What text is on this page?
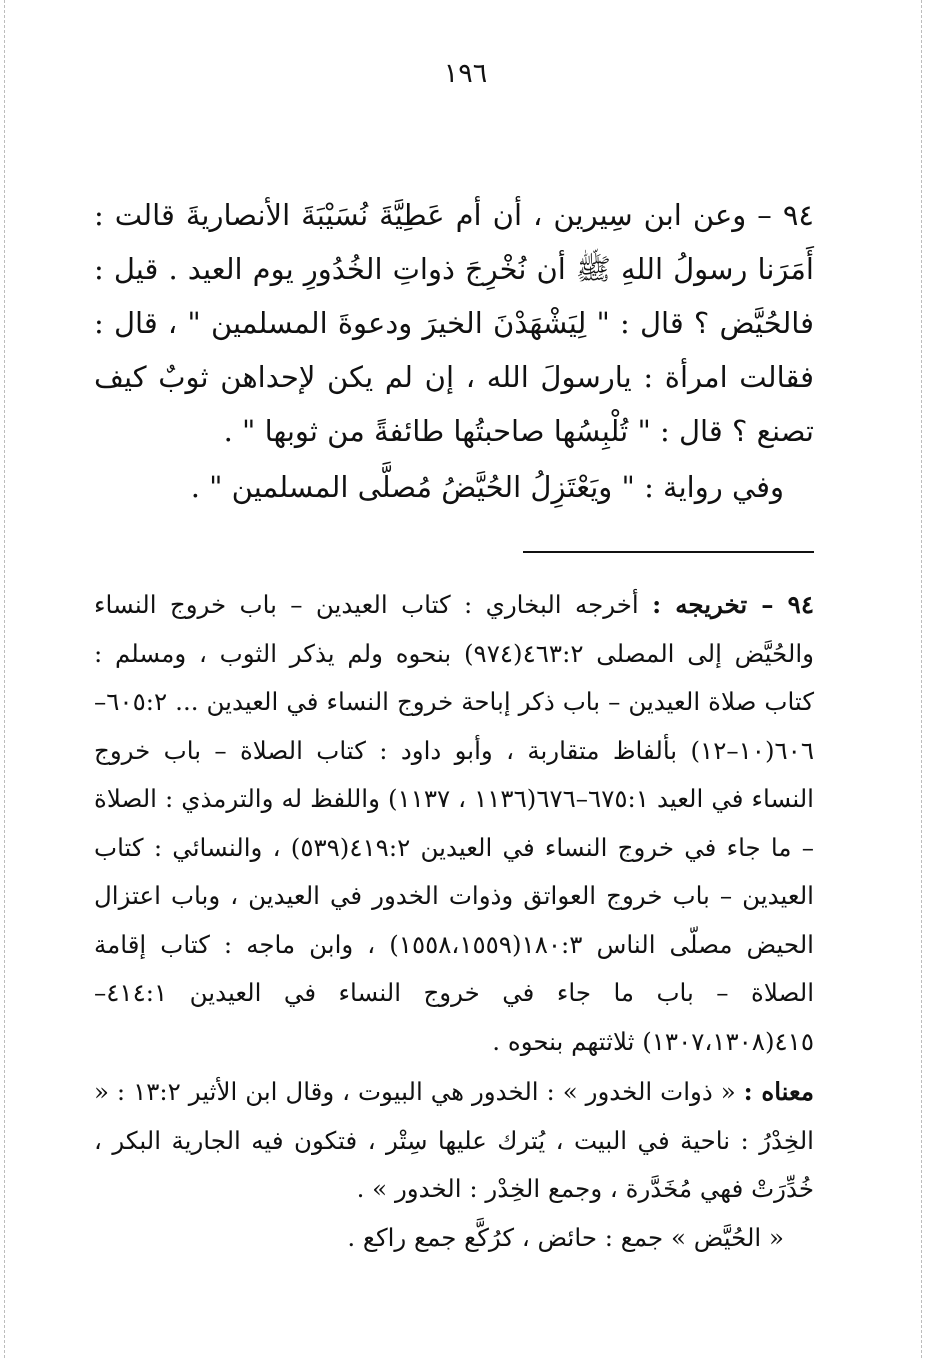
١٩٦

٩٤ – وعن ابن سِيرين ، أن أم عَطِيَّةَ نُسَيْبَةَ الأنصاريةَ قالت : أَمَرَنا رسولُ اللهِ ﷺ أن نُخْرِجَ ذواتِ الخُدُورِ يوم العيد . قيل : فالحُيَّض ؟ قال : " لِيَشْهَدْنَ الخيرَ ودعوةَ المسلمين " ، قال : فقالت امرأة : يارسولَ الله ، إن لم يكن لإحداهن ثوبٌ كيف تصنع ؟ قال : " تُلْبِسُها صاحبتُها طائفةً من ثوبها " .

وفي رواية : " ويَعْتَزِلُ الحُيَّضُ مُصلَّى المسلمين " .

٩٤ – تخريجه : أخرجه البخاري : كتاب العيدين – باب خروج النساء والحُيَّض إلى المصلى ٤٦٣:٢(٩٧٤) بنحوه ولم يذكر الثوب ، ومسلم : كتاب صلاة العيدين – باب ذكر إباحة خروج النساء في العيدين ... ٦٠٥:٢–٦٠٦(١٠–١٢) بألفاظ متقاربة ، وأبو داود : كتاب الصلاة – باب خروج النساء في العيد ٦٧٥:١–٦٧٦(١١٣٦ ، ١١٣٧) واللفظ له والترمذي : الصلاة – ما جاء في خروج النساء في العيدين ٤١٩:٢(٥٣٩) ، والنسائي : كتاب العيدين – باب خروج العواتق وذوات الخدور في العيدين ، وباب اعتزال الحيض مصلّى الناس ١٨٠:٣(١٥٥٨،١٥٥٩) ، وابن ماجه : كتاب إقامة الصلاة – باب ما جاء في خروج النساء في العيدين ٤١٤:١–٤١٥(١٣٠٧،١٣٠٨) ثلاثتهم بنحوه .

معناه : « ذوات الخدور » : الخدور هي البيوت ، وقال ابن الأثير ١٣:٢ : « الخِدْرُ : ناحية في البيت ، يُترك عليها سِتْر ، فتكون فيه الجارية البكر ، خُدِّرَتْ فهي مُخَدَّرة ، وجمع الخِدْر : الخدور » .

« الحُيَّض » جمع : حائض ، كرُكَّع جمع راكع .
